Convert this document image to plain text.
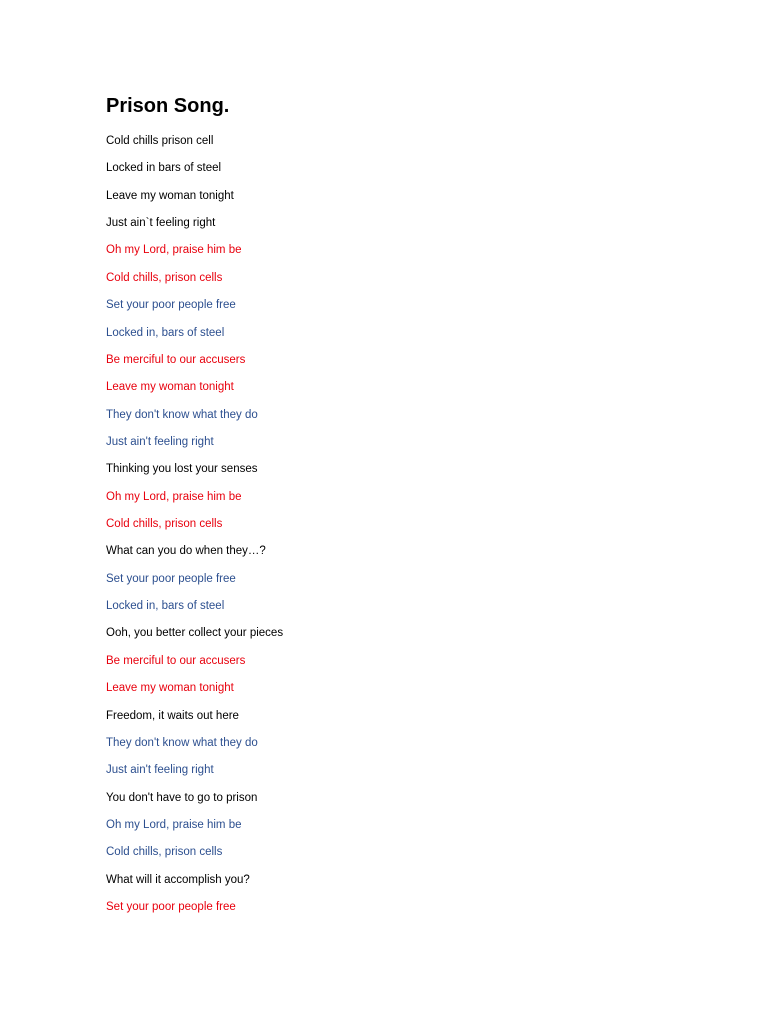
Prison Song.
Cold chills prison cell
Locked in bars of steel
Leave my woman tonight
Just ain`t feeling right
Oh my Lord, praise him be
Cold chills, prison cells
Set your poor people free
Locked in, bars of steel
Be merciful to our accusers
Leave my woman tonight
They don't know what they do
Just ain't feeling right
Thinking you lost your senses
Oh my Lord, praise him be
Cold chills, prison cells
What can you do when they…?
Set your poor people free
Locked in, bars of steel
Ooh, you better collect your pieces
Be merciful to our accusers
Leave my woman tonight
Freedom, it waits out here
They don't know what they do
Just ain't feeling right
You don't have to go to prison
Oh my Lord, praise him be
Cold chills, prison cells
What will it accomplish you?
Set your poor people free
